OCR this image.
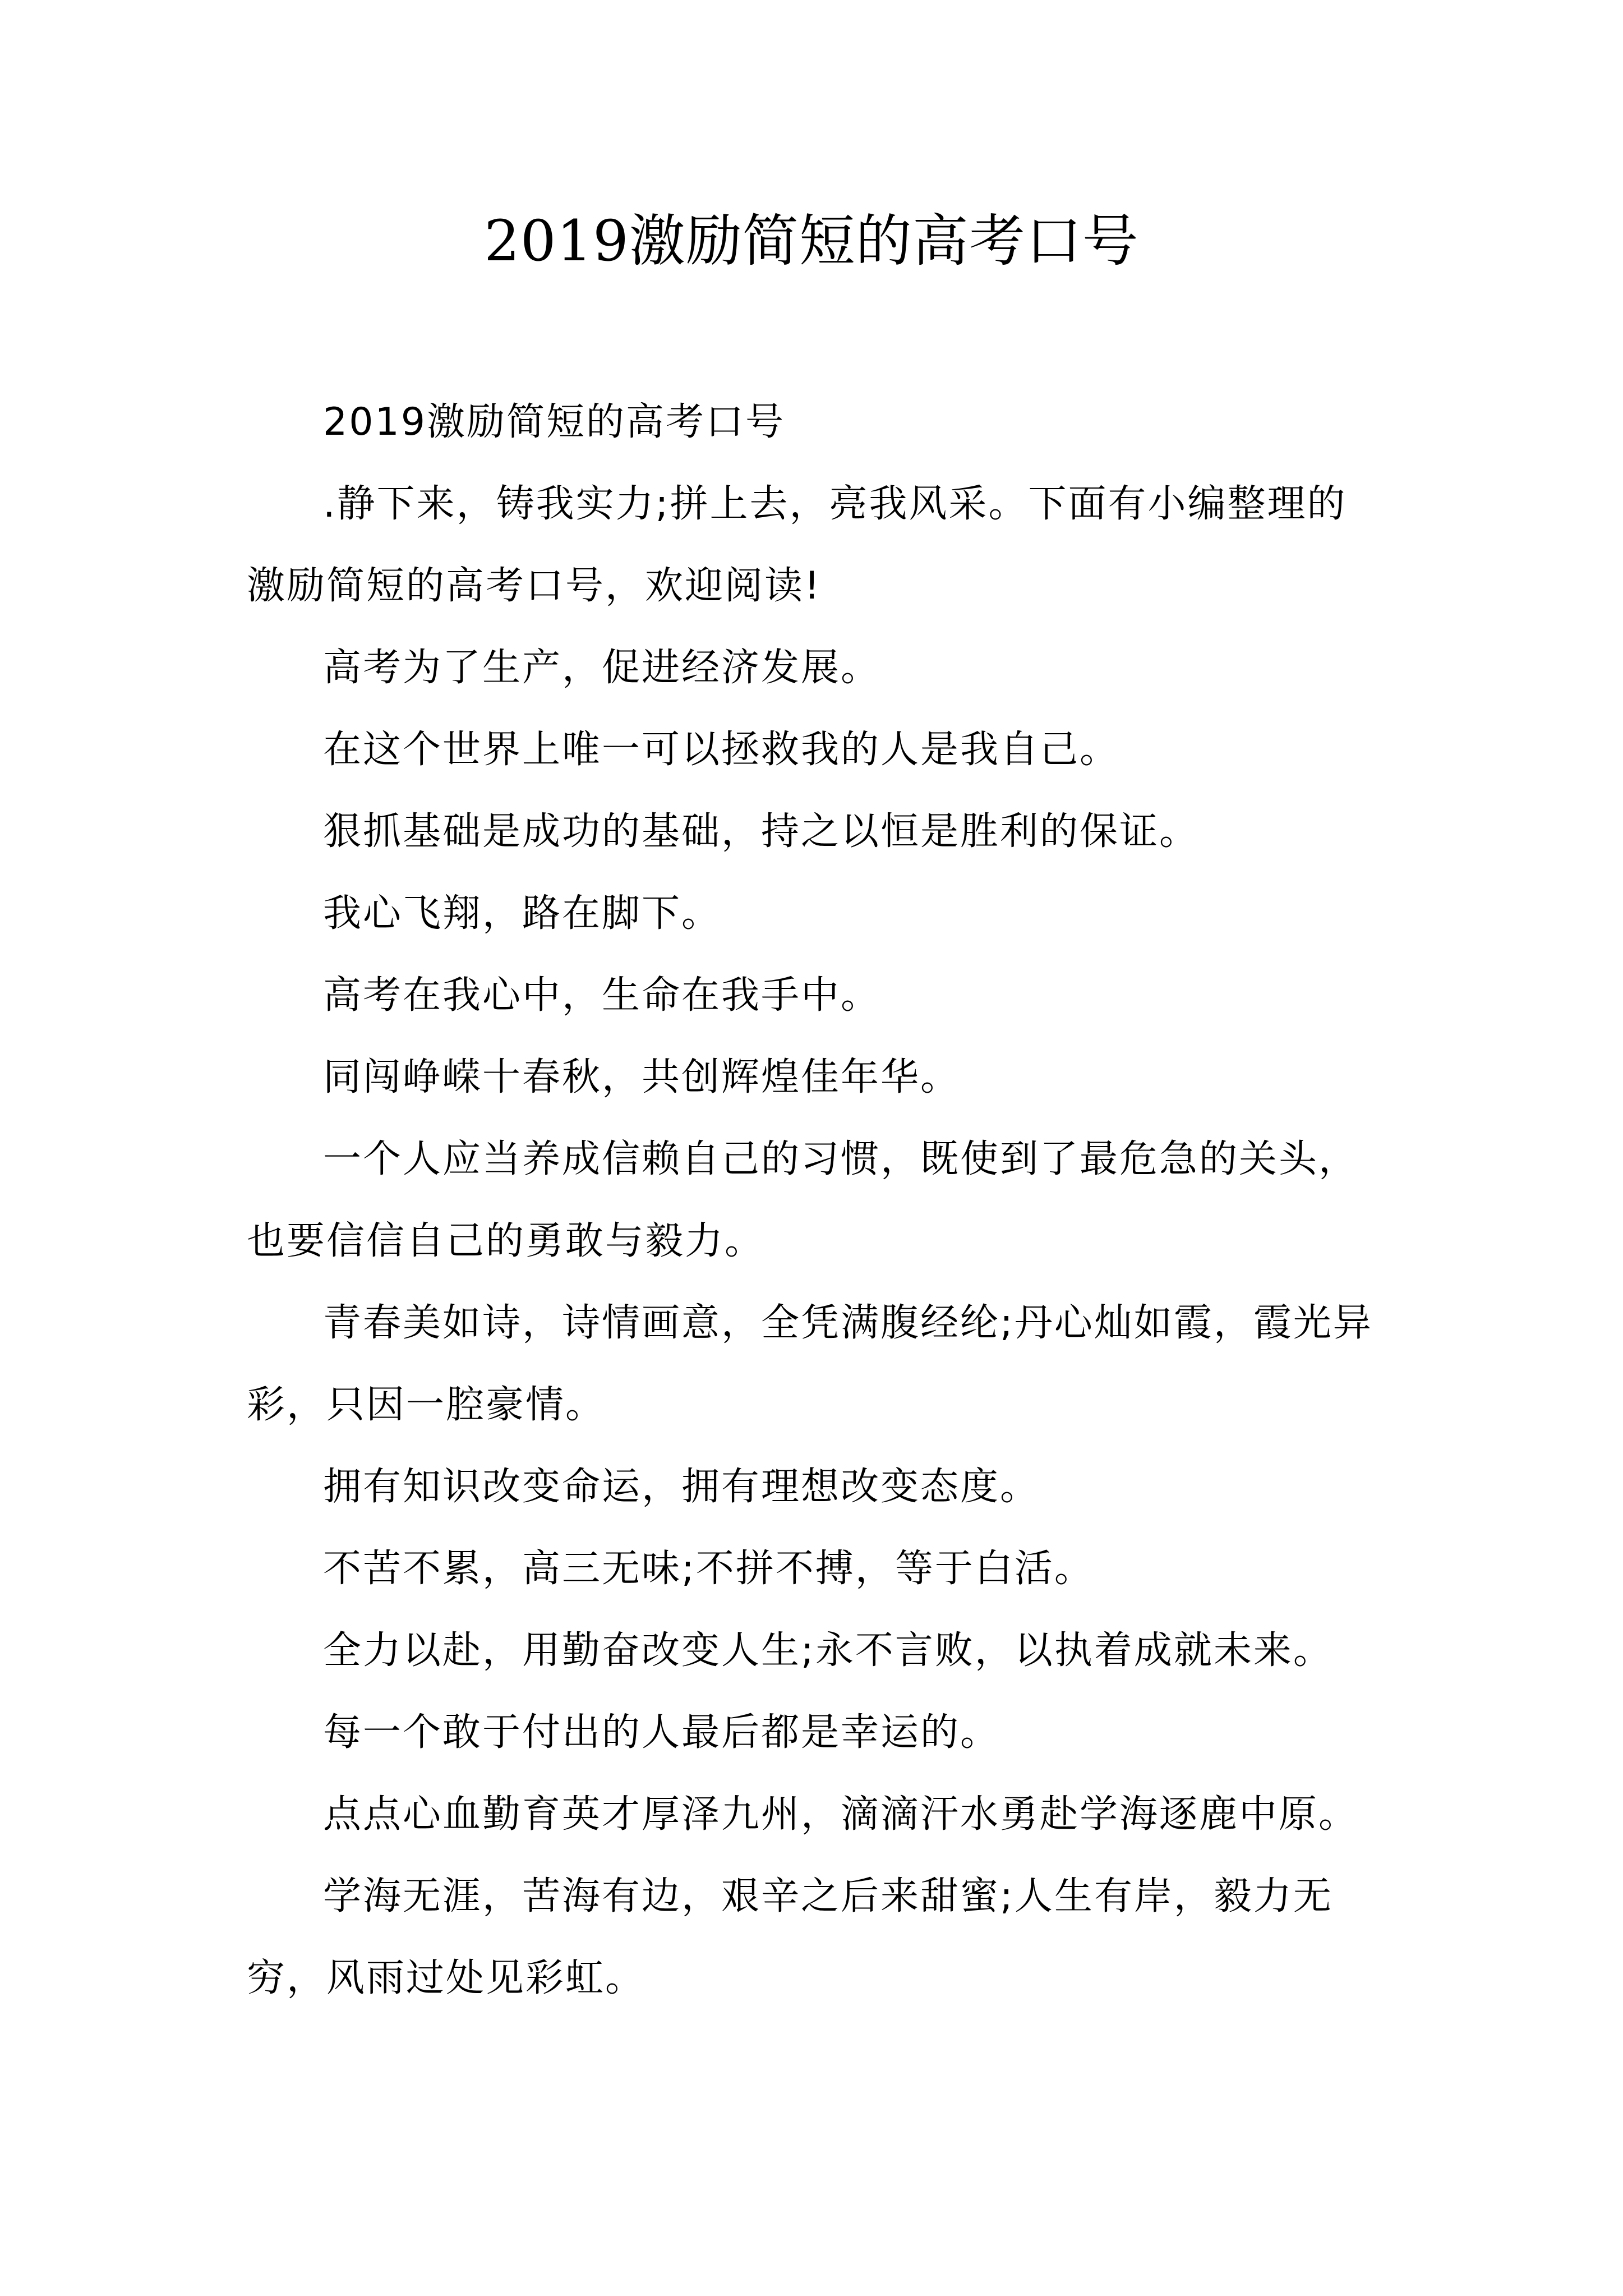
2019激励简短的高考口号

2019激励简短的高考口号

.静下来，铸我实力;拼上去，亮我风采。下面有小编整理的激励简短的高考口号，欢迎阅读!

高考为了生产，促进经济发展。

在这个世界上唯一可以拯救我的人是我自己。

狠抓基础是成功的基础，持之以恒是胜利的保证。

我心飞翔，路在脚下。

高考在我心中，生命在我手中。

同闯峥嵘十春秋，共创辉煌佳年华。

一个人应当养成信赖自己的习惯，既使到了最危急的关头，也要信信自己的勇敢与毅力。

青春美如诗，诗情画意，全凭满腹经纶;丹心灿如霞，霞光异彩，只因一腔豪情。

拥有知识改变命运，拥有理想改变态度。

不苦不累，高三无味;不拼不搏，等于白活。

全力以赴，用勤奋改变人生;永不言败，以执着成就未来。

每一个敢于付出的人最后都是幸运的。

点点心血勤育英才厚泽九州，滴滴汗水勇赴学海逐鹿中原。

学海无涯，苦海有边，艰辛之后来甜蜜;人生有岸，毅力无穷，风雨过处见彩虹。
